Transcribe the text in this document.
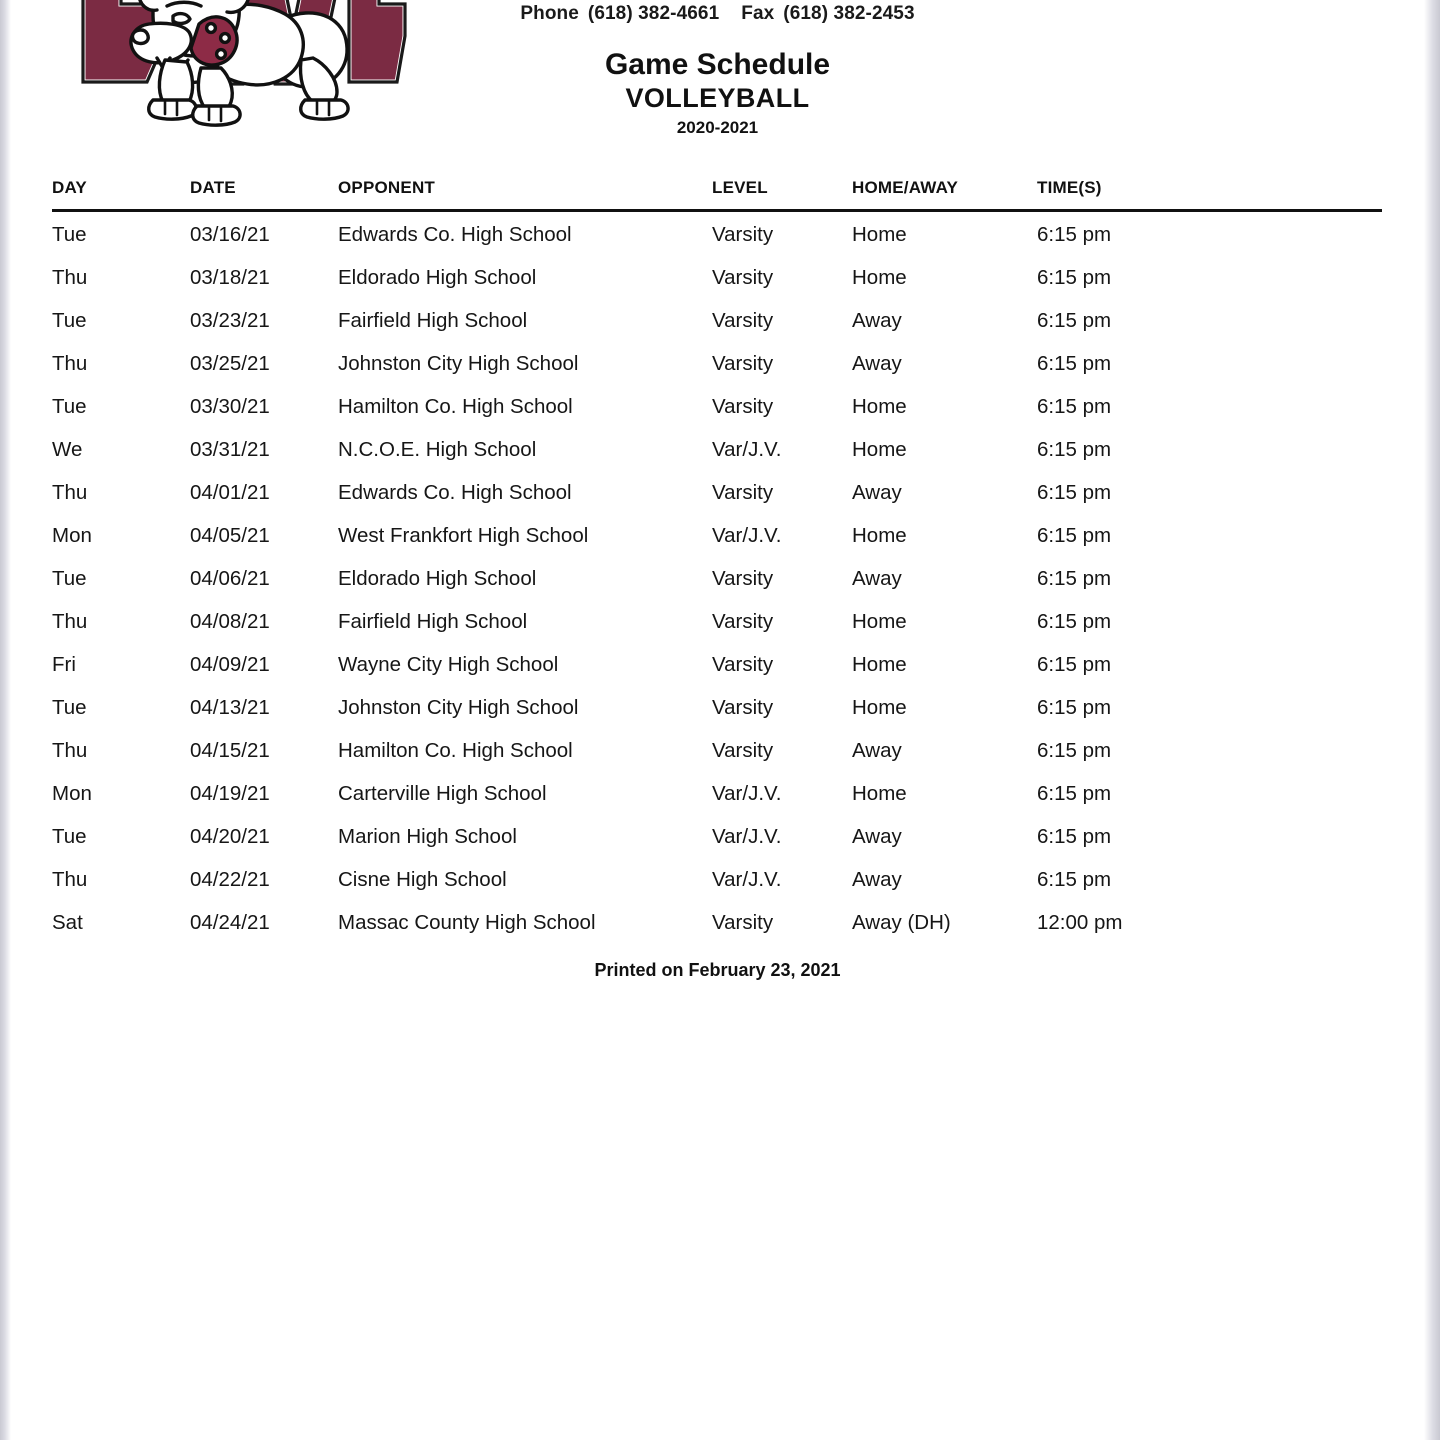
Phone (618) 382-4661 Fax (618) 382-2453
Game Schedule
VOLLEYBALL
2020-2021
DAY	DATE	OPPONENT	LEVEL	HOME/AWAY	TIME(S)
Tue	03/16/21	Edwards Co. High School	Varsity	Home	6:15 pm
Thu	03/18/21	Eldorado High School	Varsity	Home	6:15 pm
Tue	03/23/21	Fairfield High School	Varsity	Away	6:15 pm
Thu	03/25/21	Johnston City High School	Varsity	Away	6:15 pm
Tue	03/30/21	Hamilton Co. High School	Varsity	Home	6:15 pm
We	03/31/21	N.C.O.E. High School	Var/J.V.	Home	6:15 pm
Thu	04/01/21	Edwards Co. High School	Varsity	Away	6:15 pm
Mon	04/05/21	West Frankfort High School	Var/J.V.	Home	6:15 pm
Tue	04/06/21	Eldorado High School	Varsity	Away	6:15 pm
Thu	04/08/21	Fairfield High School	Varsity	Home	6:15 pm
Fri	04/09/21	Wayne City High School	Varsity	Home	6:15 pm
Tue	04/13/21	Johnston City High School	Varsity	Home	6:15 pm
Thu	04/15/21	Hamilton Co. High School	Varsity	Away	6:15 pm
Mon	04/19/21	Carterville High School	Var/J.V.	Home	6:15 pm
Tue	04/20/21	Marion High School	Var/J.V.	Away	6:15 pm
Thu	04/22/21	Cisne High School	Var/J.V.	Away	6:15 pm
Sat	04/24/21	Massac County High School	Varsity	Away (DH)	12:00 pm
Printed on February 23, 2021
